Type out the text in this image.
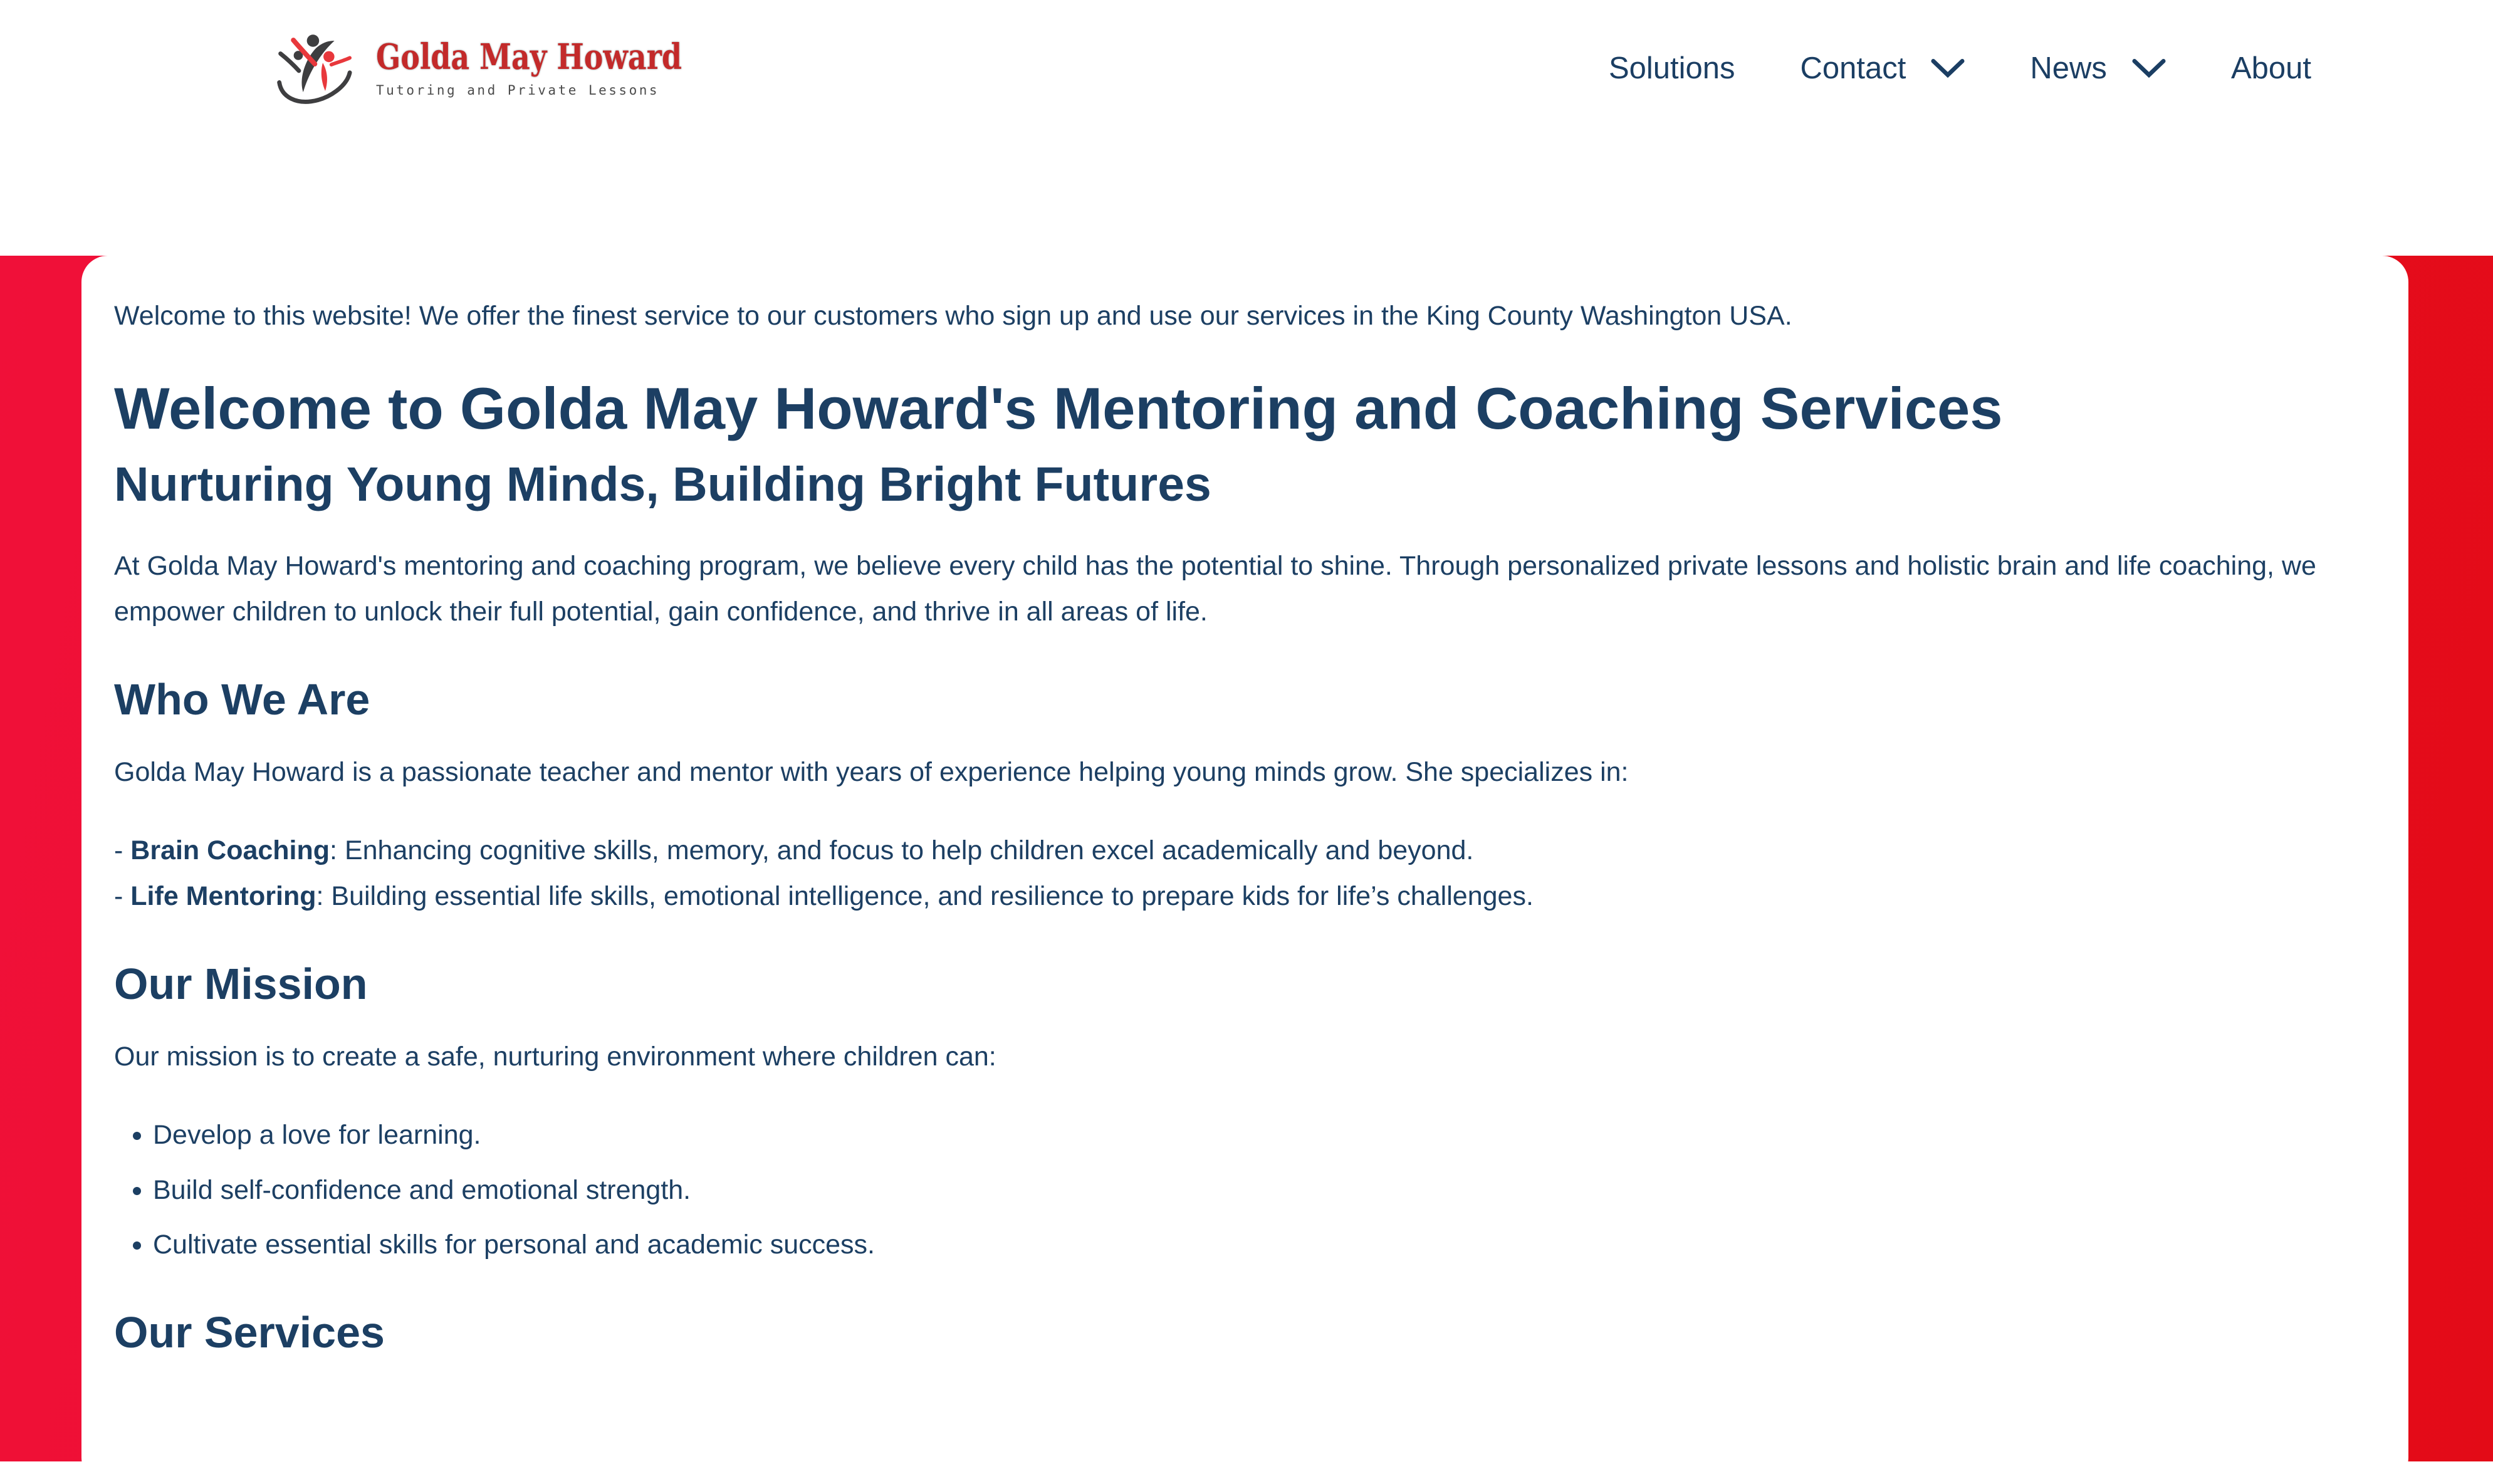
Golda May Howard
Tutoring and Private Lessons
Solutions Contact	News	About

Welcome to this website! We offer the finest service to our customers who sign up and use our services in the King County Washington USA.

Welcome to Golda May Howard's Mentoring and Coaching Services
Nurturing Young Minds, Building Bright Futures

At Golda May Howard's mentoring and coaching program, we believe every child has the potential to shine. Through personalized private lessons and holistic brain and life coaching, we empower children to unlock their full potential, gain confidence, and thrive in all areas of life.

Who We Are

Golda May Howard is a passionate teacher and mentor with years of experience helping young minds grow. She specializes in:

- Brain Coaching: Enhancing cognitive skills, memory, and focus to help children excel academically and beyond.
- Life Mentoring: Building essential life skills, emotional intelligence, and resilience to prepare kids for life’s challenges.

Our Mission

Our mission is to create a safe, nurturing environment where children can:

• Develop a love for learning.
• Build self-confidence and emotional strength.
• Cultivate essential skills for personal and academic success.
Our Services
